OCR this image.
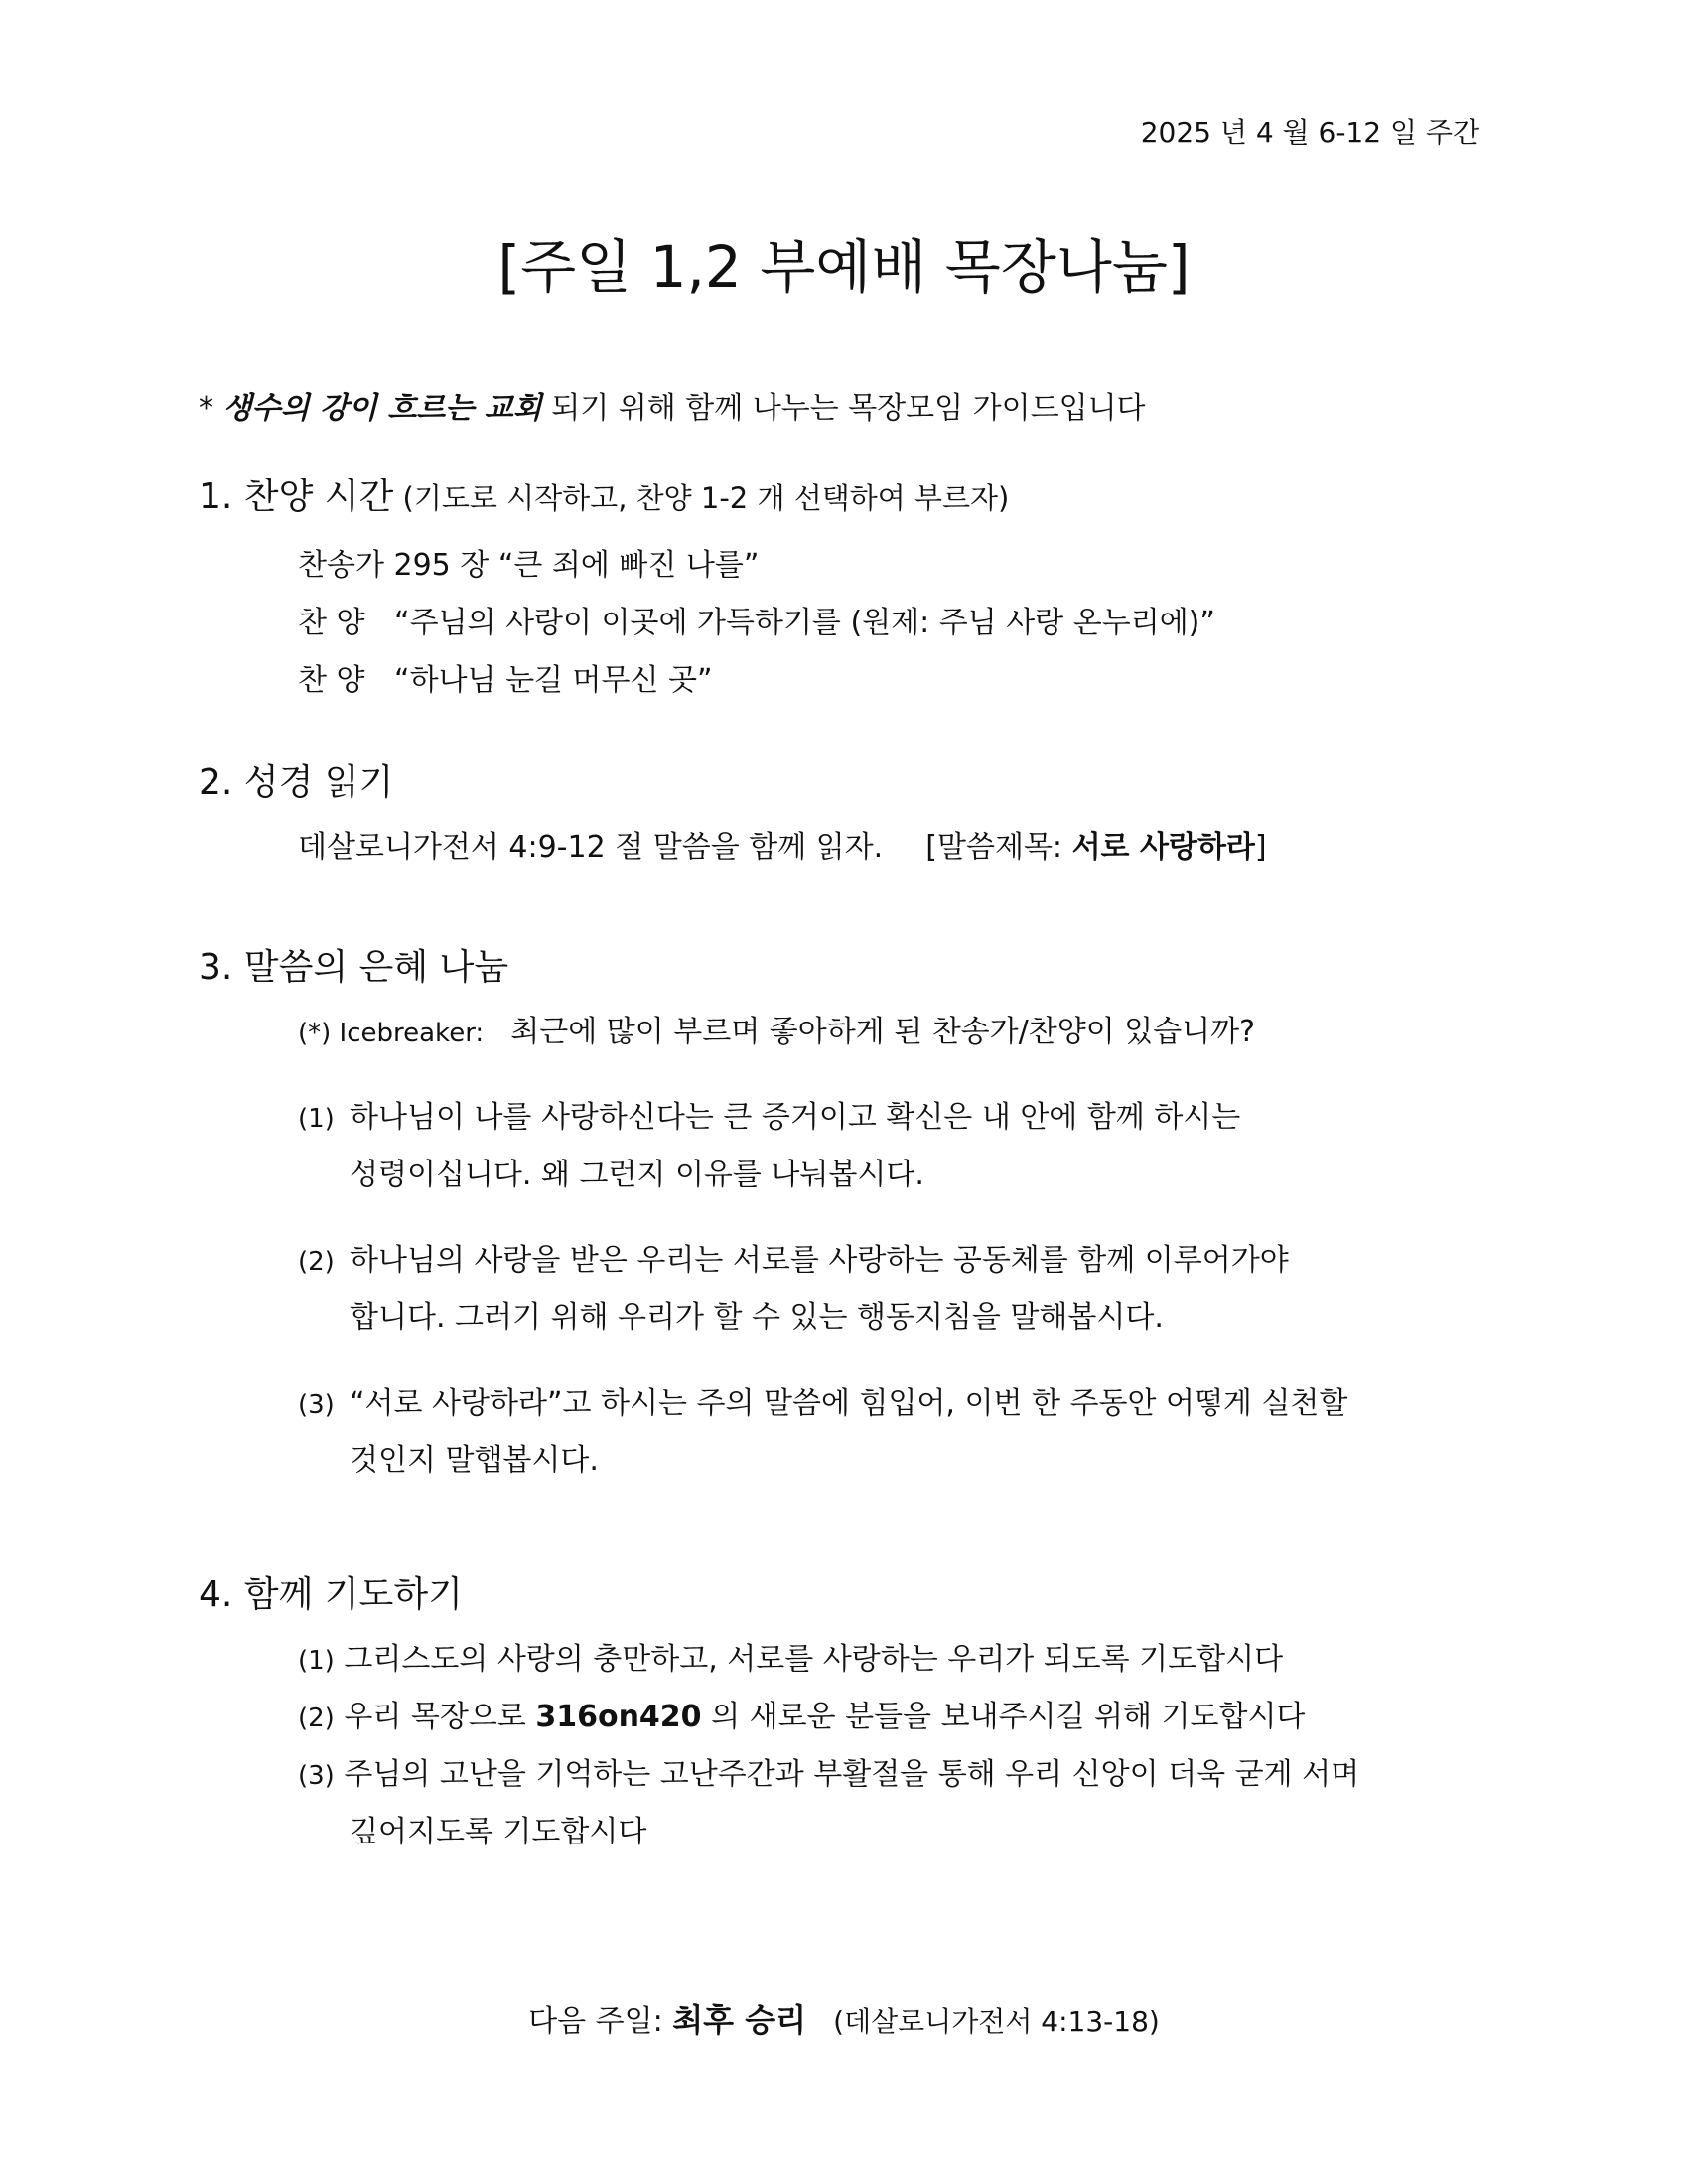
2025 년 4 월 6-12 일 주간
[주일 1,2 부예배 목장나눔]
* 생수의 강이 흐르는 교회 되기 위해 함께 나누는 목장모임 가이드입니다
1. 찬양 시간 (기도로 시작하고, 찬양 1-2 개 선택하여 부르자)
찬송가 295 장 “큰 죄에 빠진 나를”
찬 양 “주님의 사랑이 이곳에 가득하기를 (원제: 주님 사랑 온누리에)”
찬 양 “하나님 눈길 머무신 곳”
2. 성경 읽기
데살로니가전서 4:9-12 절 말씀을 함께 읽자. [말씀제목: 서로 사랑하라]
3. 말씀의 은혜 나눔
(*) Icebreaker: 최근에 많이 부르며 좋아하게 된 찬송가/찬양이 있습니까?
(1) 하나님이 나를 사랑하신다는 큰 증거이고 확신은 내 안에 함께 하시는
성령이십니다. 왜 그런지 이유를 나눠봅시다.
(2) 하나님의 사랑을 받은 우리는 서로를 사랑하는 공동체를 함께 이루어가야
합니다. 그러기 위해 우리가 할 수 있는 행동지침을 말해봅시다.
(3) “서로 사랑하라”고 하시는 주의 말씀에 힘입어, 이번 한 주동안 어떻게 실천할
것인지 말햅봅시다.
4. 함께 기도하기
(1) 그리스도의 사랑의 충만하고, 서로를 사랑하는 우리가 되도록 기도합시다
(2) 우리 목장으로 316on420 의 새로운 분들을 보내주시길 위해 기도합시다
(3) 주님의 고난을 기억하는 고난주간과 부활절을 통해 우리 신앙이 더욱 굳게 서며
깊어지도록 기도합시다
다음 주일: 최후 승리 (데살로니가전서 4:13-18)
